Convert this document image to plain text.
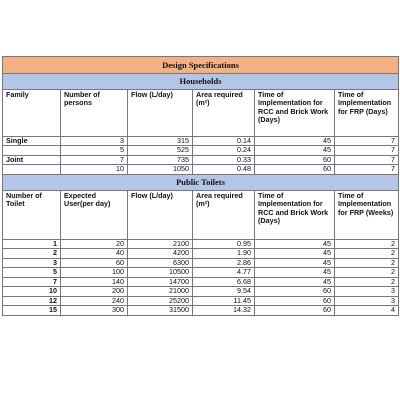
Design Specifications					
Households					
Family	Number of persons	Flow (L/day)	Area required (m²)	Time of Implementation for RCC and Brick Work (Days)	Time of Implementation for FRP (Days)
Single	3	315	0.14	45	7
	5	525	0.24	45	7
Joint	7	735	0.33	60	7
	10	1050	0.48	60	7
Public Toilets					
Number of Toilet	Expected User(per day)	Flow (L/day)	Area required (m²)	Time of Implementation for RCC and Brick Work (Days)	Time of Implementation for FRP (Weeks)
1	20	2100	0.95	45	2
2	40	4200	1.90	45	2
3	60	6300	2.86	45	2
5	100	10500	4.77	45	2
7	140	14700	6.68	45	2
10	200	21000	9.54	60	3
12	240	25200	11.45	60	3
15	300	31500	14.32	60	4
